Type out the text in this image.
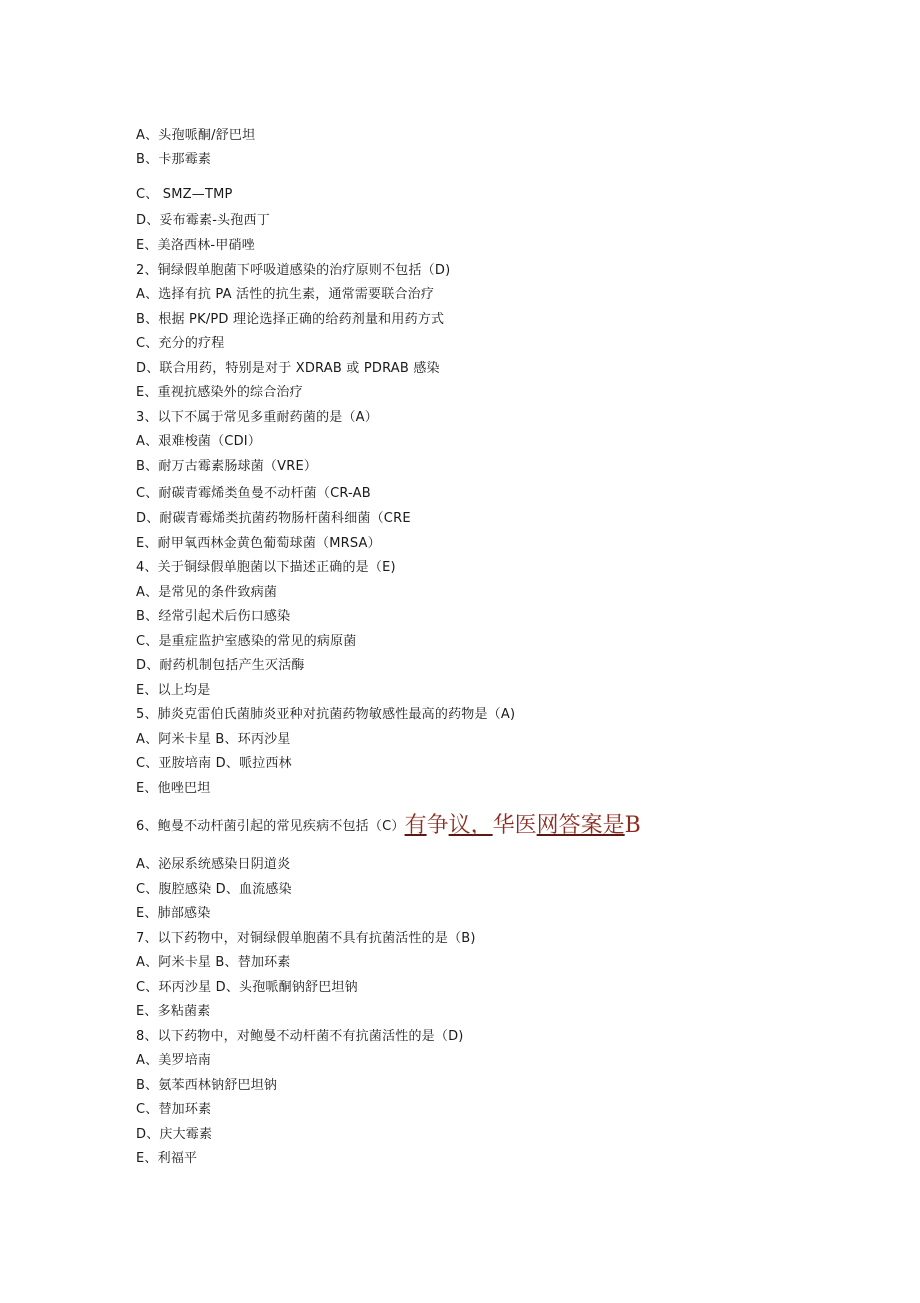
A、头孢哌酮/舒巴坦
B、卡那霉素
C、 SMZ—TMP
D、妥布霉素-头孢西丁
E、美洛西林-甲硝唑
2、铜绿假单胞菌下呼吸道感染的治疗原则不包括（D)
A、选择有抗 PA 活性的抗生素，通常需要联合治疗
B、根据 PK/PD 理论选择正确的给药剂量和用药方式
C、充分的疗程
D、联合用药，特别是对于 XDRAB 或 PDRAB 感染
E、重视抗感染外的综合治疗
3、以下不属于常见多重耐药菌的是（A）
A、艰难梭菌（CDI）
B、耐万古霉素肠球菌（VRE）
C、耐碳青霉烯类鱼曼不动杆菌（CR-AB
D、耐碳青霉烯类抗菌药物肠杆菌科细菌（CRE
E、耐甲氧西林金黄色葡萄球菌（MRSA）
4、关于铜绿假单胞菌以下描述正确的是（E)
A、是常见的条件致病菌
B、经常引起术后伤口感染
C、是重症监护室感染的常见的病原菌
D、耐药机制包括产生灭活酶
E、以上均是
5、肺炎克雷伯氏菌肺炎亚种对抗菌药物敏感性最高的药物是（A)
A、阿米卡星 B、环丙沙星
C、亚胺培南 D、哌拉西林
E、他唑巴坦
6、鲍曼不动杆菌引起的常见疾病不包括（C）有争议，华医网答案是B
A、泌尿系统感染日阴道炎
C、腹腔感染 D、血流感染
E、肺部感染
7、以下药物中，对铜绿假单胞菌不具有抗菌活性的是（B)
A、阿米卡星 B、替加环素
C、环丙沙星 D、头孢哌酮钠舒巴坦钠
E、多粘菌素
8、以下药物中，对鲍曼不动杆菌不有抗菌活性的是（D)
A、美罗培南
B、氨苯西林钠舒巴坦钠
C、替加环素
D、庆大霉素
E、利福平
